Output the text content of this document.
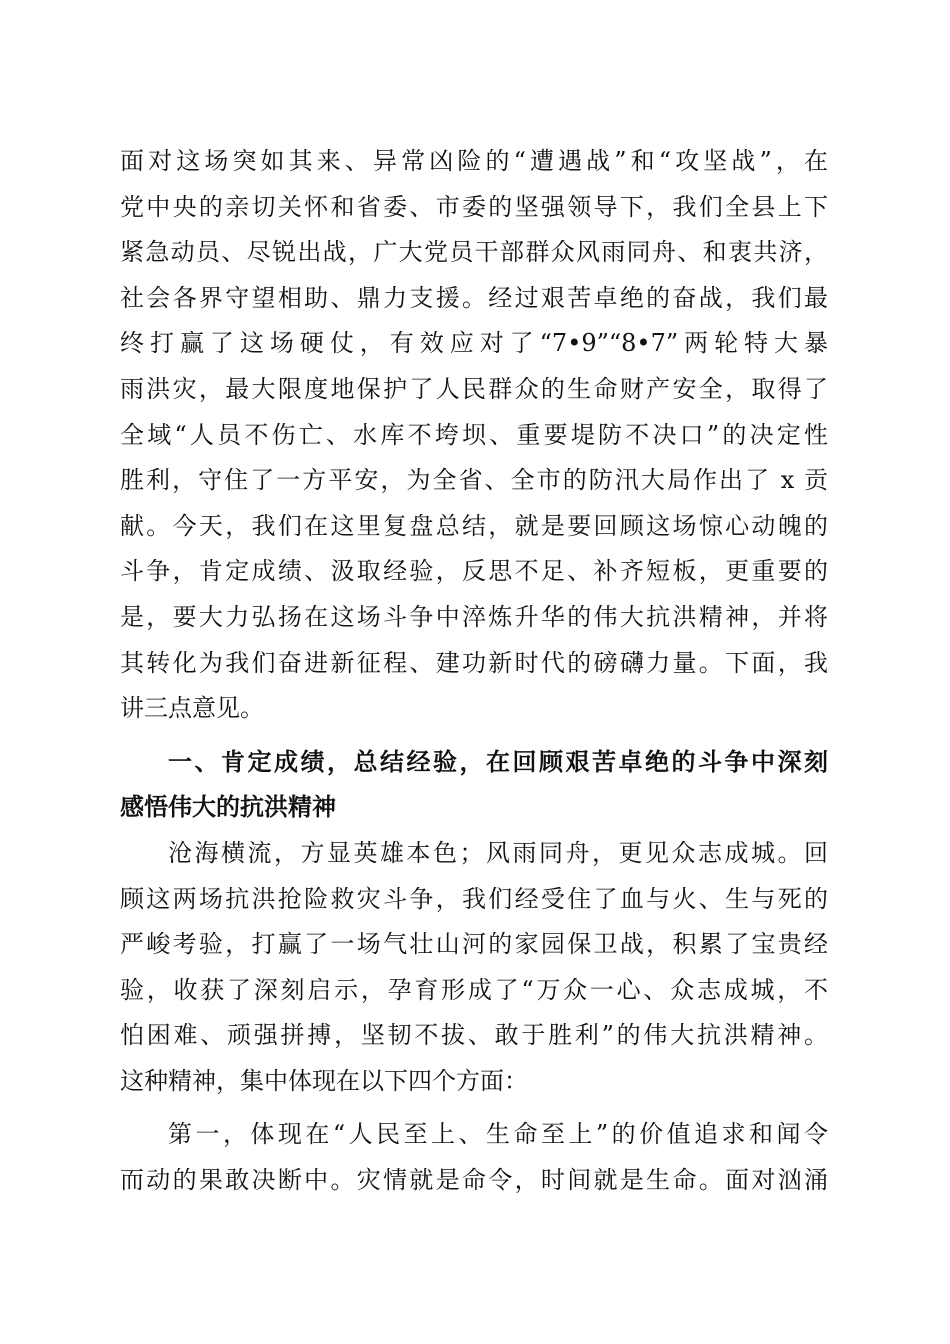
面对这场突如其来、异常凶险的“遭遇战”和“攻坚战”，在
党中央的亲切关怀和省委、市委的坚强领导下，我们全县上下
紧急动员、尽锐出战，广大党员干部群众风雨同舟、和衷共济，
社会各界守望相助、鼎力支援。经过艰苦卓绝的奋战，我们最
终打赢了这场硬仗，有效应对了“7•9”“8•7”两轮特大暴
雨洪灾，最大限度地保护了人民群众的生命财产安全，取得了
全域“人员不伤亡、水库不垮坝、重要堤防不决口”的决定性
胜利，守住了一方平安，为全省、全市的防汛大局作出了 x 贡
献。今天，我们在这里复盘总结，就是要回顾这场惊心动魄的
斗争，肯定成绩、汲取经验，反思不足、补齐短板，更重要的
是，要大力弘扬在这场斗争中淬炼升华的伟大抗洪精神，并将
其转化为我们奋进新征程、建功新时代的磅礴力量。下面，我
讲三点意见。
一、肯定成绩，总结经验，在回顾艰苦卓绝的斗争中深刻
感悟伟大的抗洪精神
沧海横流，方显英雄本色；风雨同舟，更见众志成城。回
顾这两场抗洪抢险救灾斗争，我们经受住了血与火、生与死的
严峻考验，打赢了一场气壮山河的家园保卫战，积累了宝贵经
验，收获了深刻启示，孕育形成了“万众一心、众志成城，不
怕困难、顽强拼搏，坚韧不拔、敢于胜利”的伟大抗洪精神。
这种精神，集中体现在以下四个方面：
第一，体现在“人民至上、生命至上”的价值追求和闻令
而动的果敢决断中。灾情就是命令，时间就是生命。面对汹涌
